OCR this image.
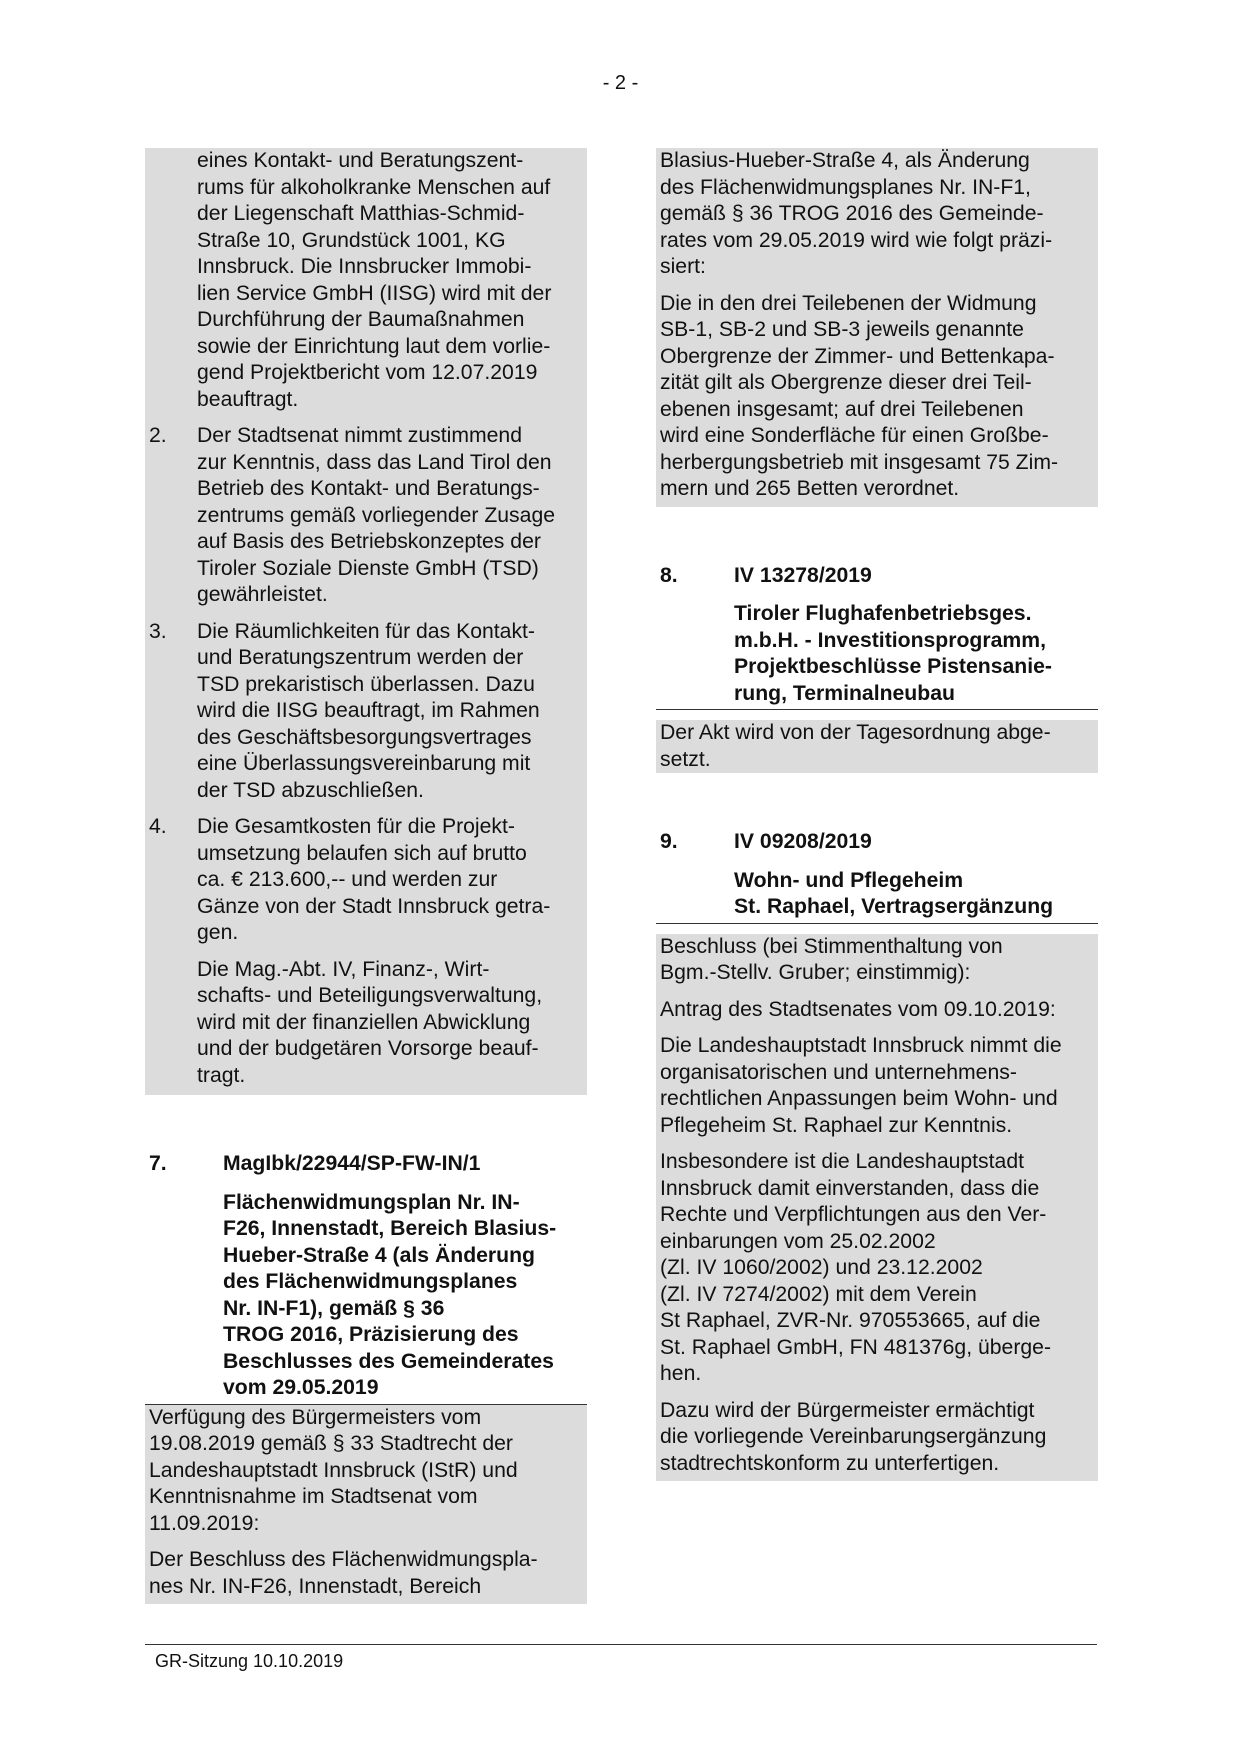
- 2 -

eines Kontakt- und Beratungszent-
rums für alkoholkranke Menschen auf
der Liegenschaft Matthias-Schmid-
Straße 10, Grundstück 1001, KG
Innsbruck. Die Innsbrucker Immobi-
lien Service GmbH (IISG) wird mit der
Durchführung der Baumaßnahmen
sowie der Einrichtung laut dem vorlie-
gend Projektbericht vom 12.07.2019
beauftragt.

2.	Der Stadtsenat nimmt zustimmend
zur Kenntnis, dass das Land Tirol den
Betrieb des Kontakt- und Beratungs-
zentrums gemäß vorliegender Zusage
auf Basis des Betriebskonzeptes der
Tiroler Soziale Dienste GmbH (TSD)
gewährleistet.
3.	Die Räumlichkeiten für das Kontakt-
und Beratungszentrum werden der
TSD prekaristisch überlassen. Dazu
wird die IISG beauftragt, im Rahmen
des Geschäftsbesorgungsvertrages
eine Überlassungsvereinbarung mit
der TSD abzuschließen.
4.	Die Gesamtkosten für die Projekt-
umsetzung belaufen sich auf brutto
ca. € 213.600,-- und werden zur
Gänze von der Stadt Innsbruck getra-
gen.

Die Mag.-Abt. IV, Finanz-, Wirt-
schafts- und Beteiligungsverwaltung,
wird mit der finanziellen Abwicklung
und der budgetären Vorsorge beauf-
tragt.

7.	MagIbk/22944/SP-FW-IN/1
Flächenwidmungsplan Nr. IN-
F26, Innenstadt, Bereich Blasius-
Hueber-Straße 4 (als Änderung
des Flächenwidmungsplanes
Nr. IN-F1), gemäß § 36
TROG 2016, Präzisierung des
Beschlusses des Gemeinderates
vom 29.05.2019

Verfügung des Bürgermeisters vom
19.08.2019 gemäß § 33 Stadtrecht der
Landeshauptstadt Innsbruck (IStR) und
Kenntnisnahme im Stadtsenat vom
11.09.2019:

Der Beschluss des Flächenwidmungspla-
nes Nr. IN-F26, Innenstadt, Bereich

Blasius-Hueber-Straße 4, als Änderung
des Flächenwidmungsplanes Nr. IN-F1,
gemäß § 36 TROG 2016 des Gemeinde-
rates vom 29.05.2019 wird wie folgt präzi-
siert:

Die in den drei Teilebenen der Widmung
SB-1, SB-2 und SB-3 jeweils genannte
Obergrenze der Zimmer- und Bettenkapa-
zität gilt als Obergrenze dieser drei Teil-
ebenen insgesamt; auf drei Teilebenen
wird eine Sonderfläche für einen Großbe-
herbergungsbetrieb mit insgesamt 75 Zim-
mern und 265 Betten verordnet.

8.	IV 13278/2019
Tiroler Flughafenbetriebsges.
m.b.H. - Investitionsprogramm,
Projektbeschlüsse Pistensanie-
rung, Terminalneubau

Der Akt wird von der Tagesordnung abge-
setzt.

9.	IV 09208/2019
Wohn- und Pflegeheim
St. Raphael, Vertragsergänzung

Beschluss (bei Stimmenthaltung von
Bgm.-Stellv. Gruber; einstimmig):

Antrag des Stadtsenates vom 09.10.2019:

Die Landeshauptstadt Innsbruck nimmt die
organisatorischen und unternehmens-
rechtlichen Anpassungen beim Wohn- und
Pflegeheim St. Raphael zur Kenntnis.

Insbesondere ist die Landeshauptstadt
Innsbruck damit einverstanden, dass die
Rechte und Verpflichtungen aus den Ver-
einbarungen vom 25.02.2002
(Zl. IV 1060/2002) und 23.12.2002
(Zl. IV 7274/2002) mit dem Verein
St Raphael, ZVR-Nr. 970553665, auf die
St. Raphael GmbH, FN 481376g, überge-
hen.

Dazu wird der Bürgermeister ermächtigt
die vorliegende Vereinbarungsergänzung
stadtrechtskonform zu unterfertigen.

GR-Sitzung 10.10.2019
